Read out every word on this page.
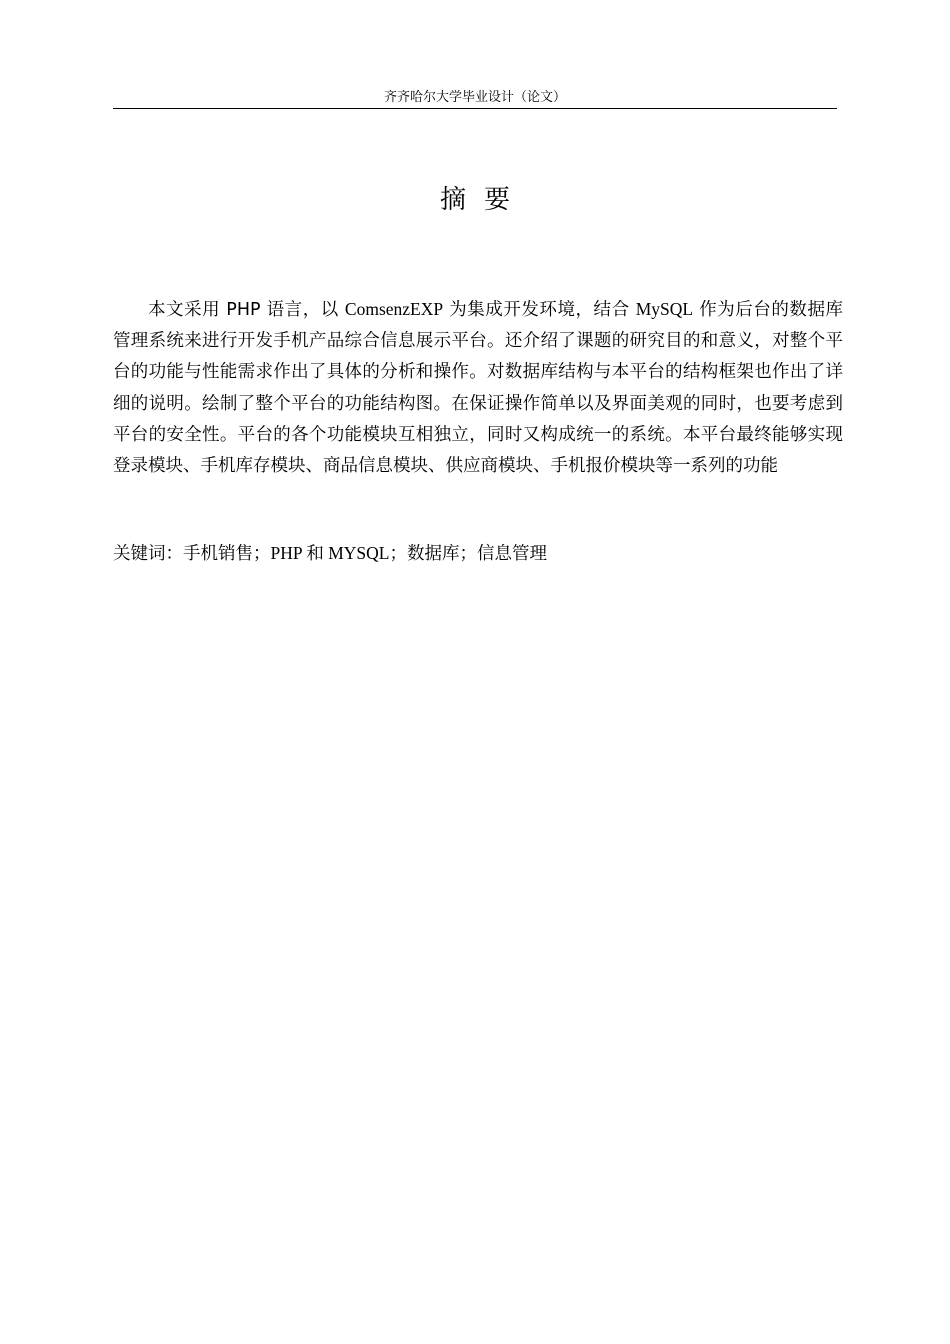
齐齐哈尔大学毕业设计（论文）
摘要

本文采用 PHP 语言，以 ComsenzEXP 为集成开发环境，结合 MySQL 作为后台的数据库管理系统来进行开发手机产品综合信息展示平台。还介绍了课题的研究目的和意义，对整个平台的功能与性能需求作出了具体的分析和操作。对数据库结构与本平台的结构框架也作出了详细的说明。绘制了整个平台的功能结构图。在保证操作简单以及界面美观的同时，也要考虑到平台的安全性。平台的各个功能模块互相独立，同时又构成统一的系统。本平台最终能够实现登录模块、手机库存模块、商品信息模块、供应商模块、手机报价模块等一系列的功能

关键词：手机销售；PHP 和 MYSQL；数据库；信息管理
